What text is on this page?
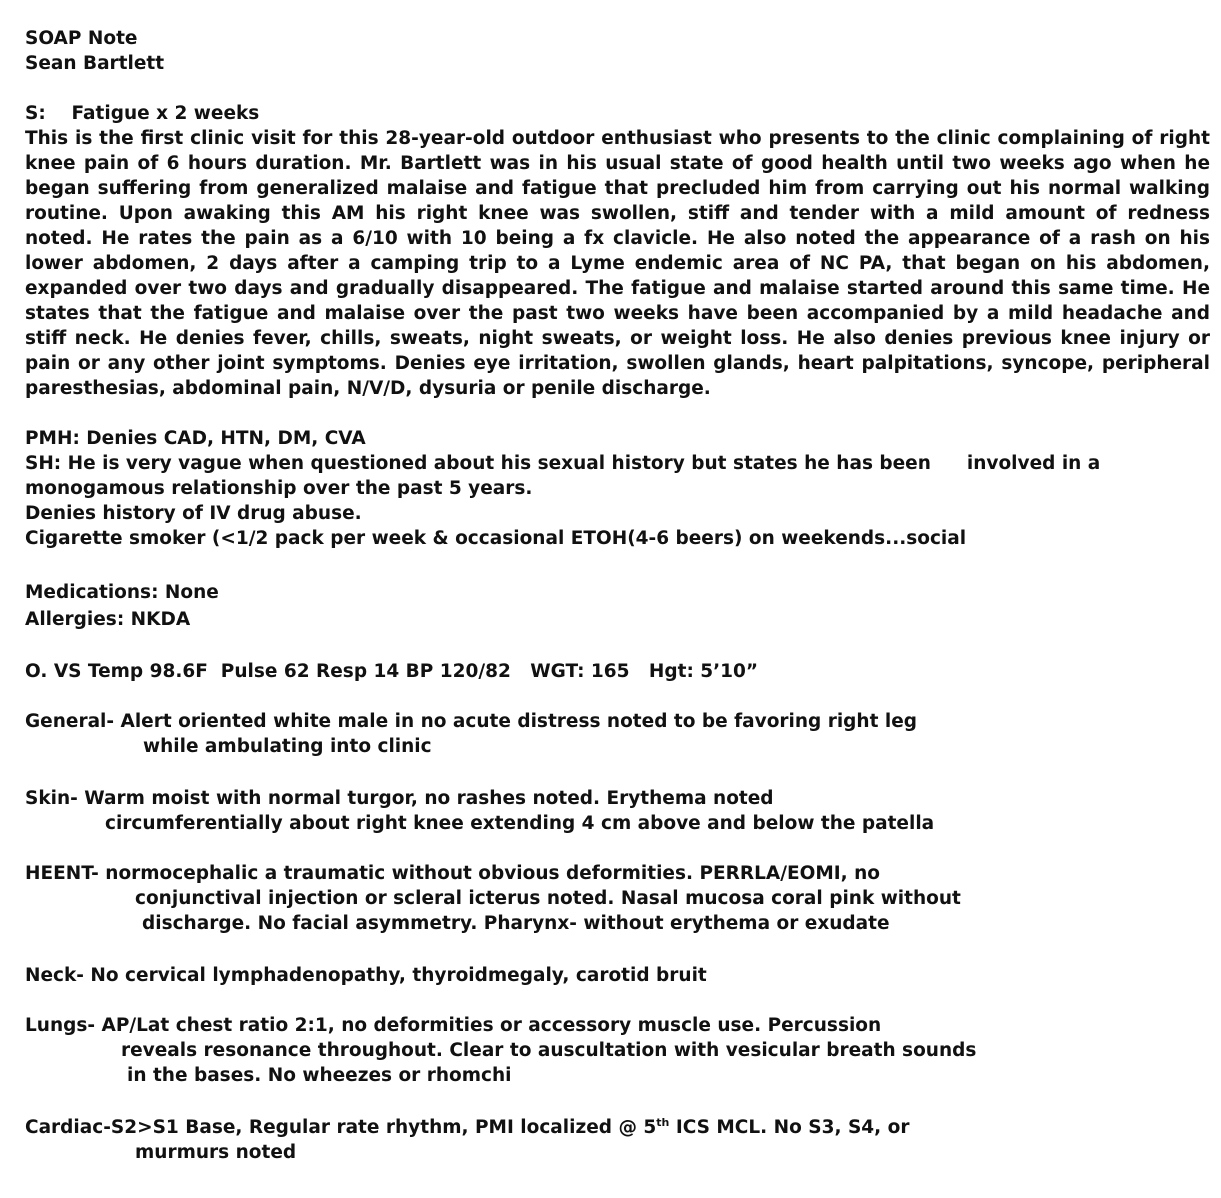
SOAP Note
Sean Bartlett
S: Fatigue x 2 weeks
This is the first clinic visit for this 28-year-old outdoor enthusiast who presents to the clinic complaining of right
knee pain of 6 hours duration. Mr. Bartlett was in his usual state of good health until two weeks ago when he
began suffering from generalized malaise and fatigue that precluded him from carrying out his normal walking
routine. Upon awaking this AM his right knee was swollen, stiff and tender with a mild amount of redness
noted. He rates the pain as a 6/10 with 10 being a fx clavicle. He also noted the appearance of a rash on his
lower abdomen, 2 days after a camping trip to a Lyme endemic area of NC PA, that began on his abdomen,
expanded over two days and gradually disappeared. The fatigue and malaise started around this same time. He
states that the fatigue and malaise over the past two weeks have been accompanied by a mild headache and
stiff neck. He denies fever, chills, sweats, night sweats, or weight loss. He also denies previous knee injury or
pain or any other joint symptoms. Denies eye irritation, swollen glands, heart palpitations, syncope, peripheral
paresthesias, abdominal pain, N/V/D, dysuria or penile discharge.
PMH: Denies CAD, HTN, DM, CVA
SH: He is very vague when questioned about his sexual history but states he has been involved in a
monogamous relationship over the past 5 years.
Denies history of IV drug abuse.
Cigarette smoker (<1/2 pack per week & occasional ETOH(4-6 beers) on weekends...social
Medications: None
Allergies: NKDA
O. VS Temp 98.6F  Pulse 62 Resp 14 BP 120/82   WGT: 165   Hgt: 5’10”
General- Alert oriented white male in no acute distress noted to be favoring right leg
while ambulating into clinic
Skin- Warm moist with normal turgor, no rashes noted. Erythema noted
circumferentially about right knee extending 4 cm above and below the patella
HEENT- normocephalic a traumatic without obvious deformities. PERRLA/EOMI, no
conjunctival injection or scleral icterus noted. Nasal mucosa coral pink without
discharge. No facial asymmetry. Pharynx- without erythema or exudate
Neck- No cervical lymphadenopathy, thyroidmegaly, carotid bruit
Lungs- AP/Lat chest ratio 2:1, no deformities or accessory muscle use. Percussion
reveals resonance throughout. Clear to auscultation with vesicular breath sounds
in the bases. No wheezes or rhomchi
Cardiac-S2>S1 Base, Regular rate rhythm, PMI localized @ 5th ICS MCL. No S3, S4, or
murmurs noted
